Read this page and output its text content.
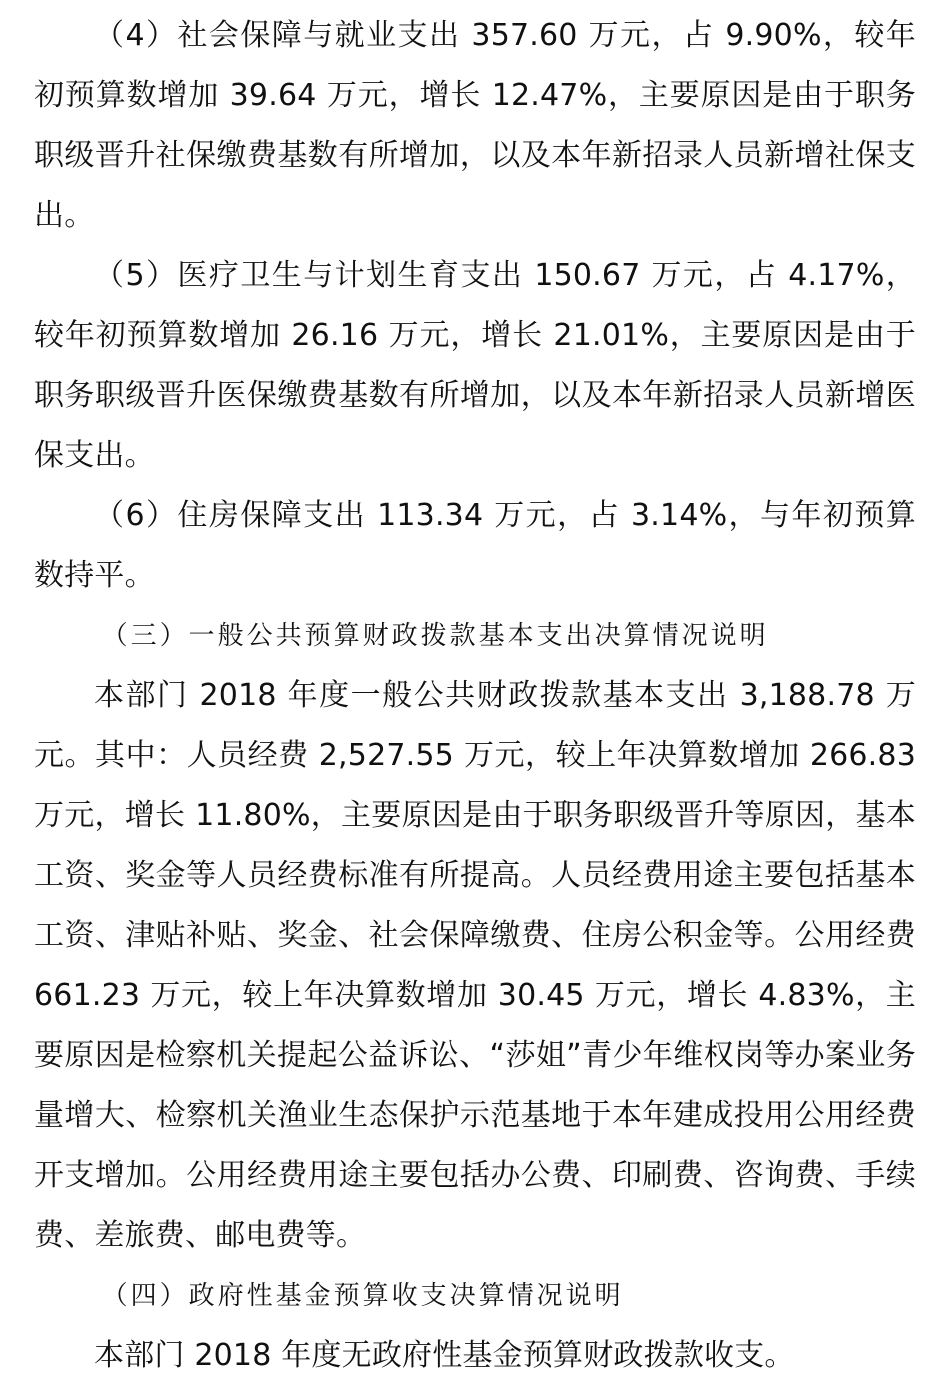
（4）社会保障与就业支出 357.60 万元，占 9.90%，较年初预算数增加 39.64 万元，增长 12.47%，主要原因是由于职务职级晋升社保缴费基数有所增加，以及本年新招录人员新增社保支出。

（5）医疗卫生与计划生育支出 150.67 万元，占 4.17%，较年初预算数增加 26.16 万元，增长 21.01%，主要原因是由于职务职级晋升医保缴费基数有所增加，以及本年新招录人员新增医保支出。

（6）住房保障支出 113.34 万元，占 3.14%，与年初预算数持平。

（三）一般公共预算财政拨款基本支出决算情况说明

本部门 2018 年度一般公共财政拨款基本支出 3,188.78 万元。其中：人员经费 2,527.55 万元，较上年决算数增加 266.83 万元，增长 11.80%，主要原因是由于职务职级晋升等原因，基本工资、奖金等人员经费标准有所提高。人员经费用途主要包括基本工资、津贴补贴、奖金、社会保障缴费、住房公积金等。公用经费 661.23 万元，较上年决算数增加 30.45 万元，增长 4.83%，主要原因是检察机关提起公益诉讼、“莎姐”青少年维权岗等办案业务量增大、检察机关渔业生态保护示范基地于本年建成投用公用经费开支增加。公用经费用途主要包括办公费、印刷费、咨询费、手续费、差旅费、邮电费等。

（四）政府性基金预算收支决算情况说明

本部门 2018 年度无政府性基金预算财政拨款收支。
